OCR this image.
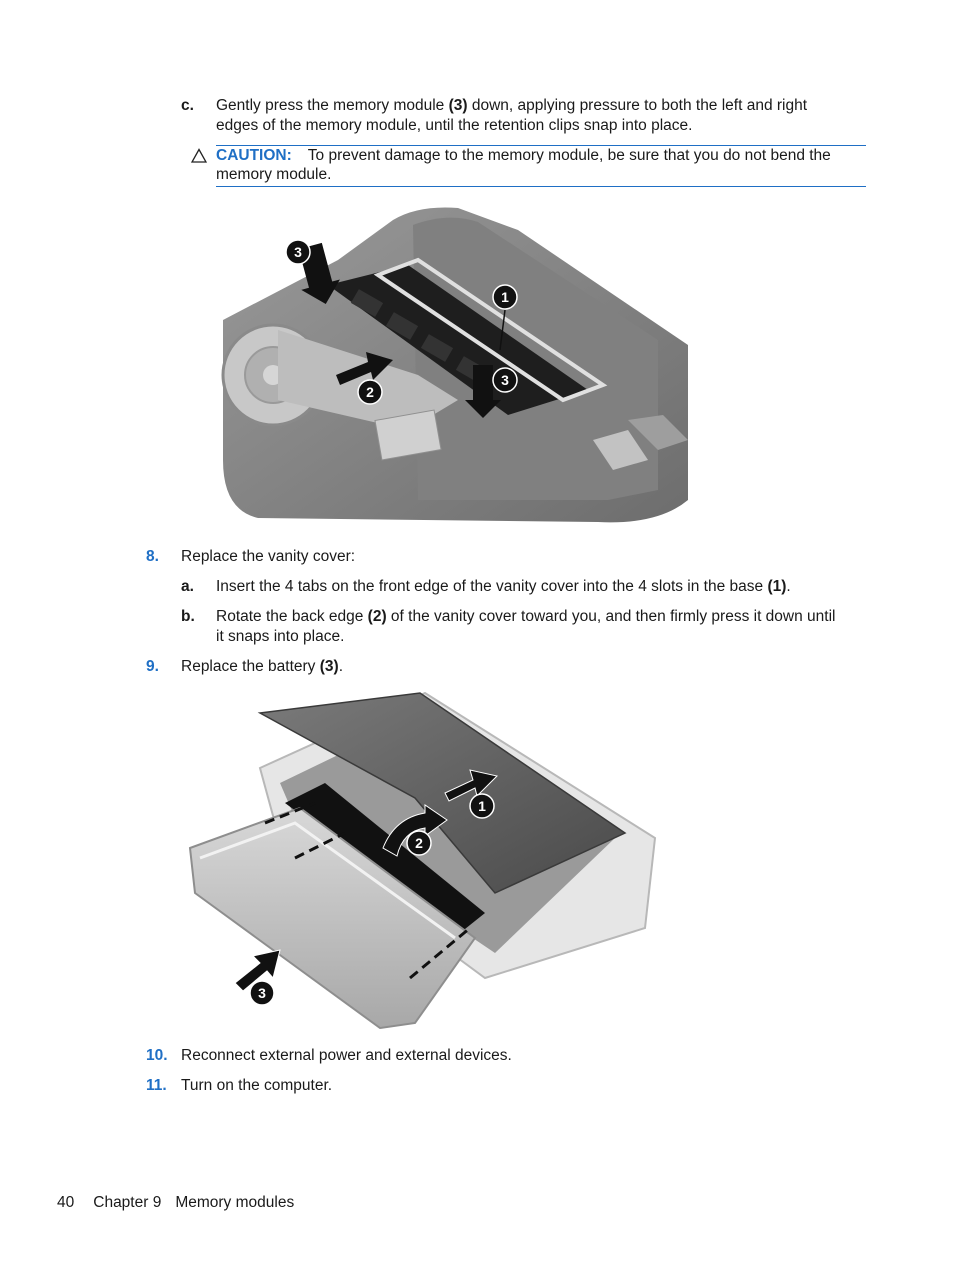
c. Gently press the memory module (3) down, applying pressure to both the left and right
edges of the memory module, until the retention clips snap into place.
CAUTION: To prevent damage to the memory module, be sure that you do not bend the
memory module.
3
1
2
3
8. Replace the vanity cover:
a. Insert the 4 tabs on the front edge of the vanity cover into the 4 slots in the base (1).
b. Rotate the back edge (2) of the vanity cover toward you, and then firmly press it down until
it snaps into place.
9. Replace the battery (3).
1
2
3
10. Reconnect external power and external devices.
11. Turn on the computer.
40 Chapter 9 Memory modules
